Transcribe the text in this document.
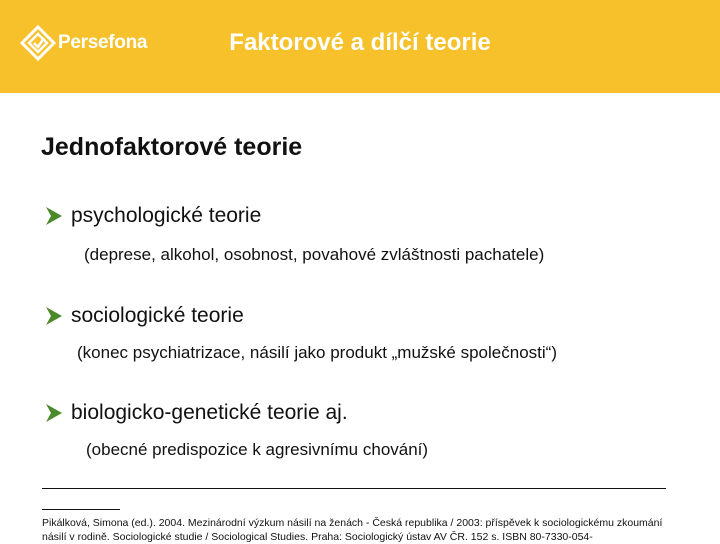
Persefona	Faktorové a dílčí teorie
Jednofaktorové teorie
psychologické teorie
(deprese, alkohol, osobnost, povahové zvláštnosti pachatele)
sociologické teorie
(konec psychiatrizace, násilí jako produkt „mužské společnosti“)
biologicko-genetické teorie aj.
(obecné predispozice k agresivnímu chování)
Pikálková, Simona (ed.). 2004. Mezinárodní výzkum násilí na ženách - Česká republika / 2003: příspěvek k sociologickému zkoumání násilí v rodině. Sociologické studie / Sociological Studies. Praha: Sociologický ústav AV ČR. 152 s. ISBN 80-7330-054-
